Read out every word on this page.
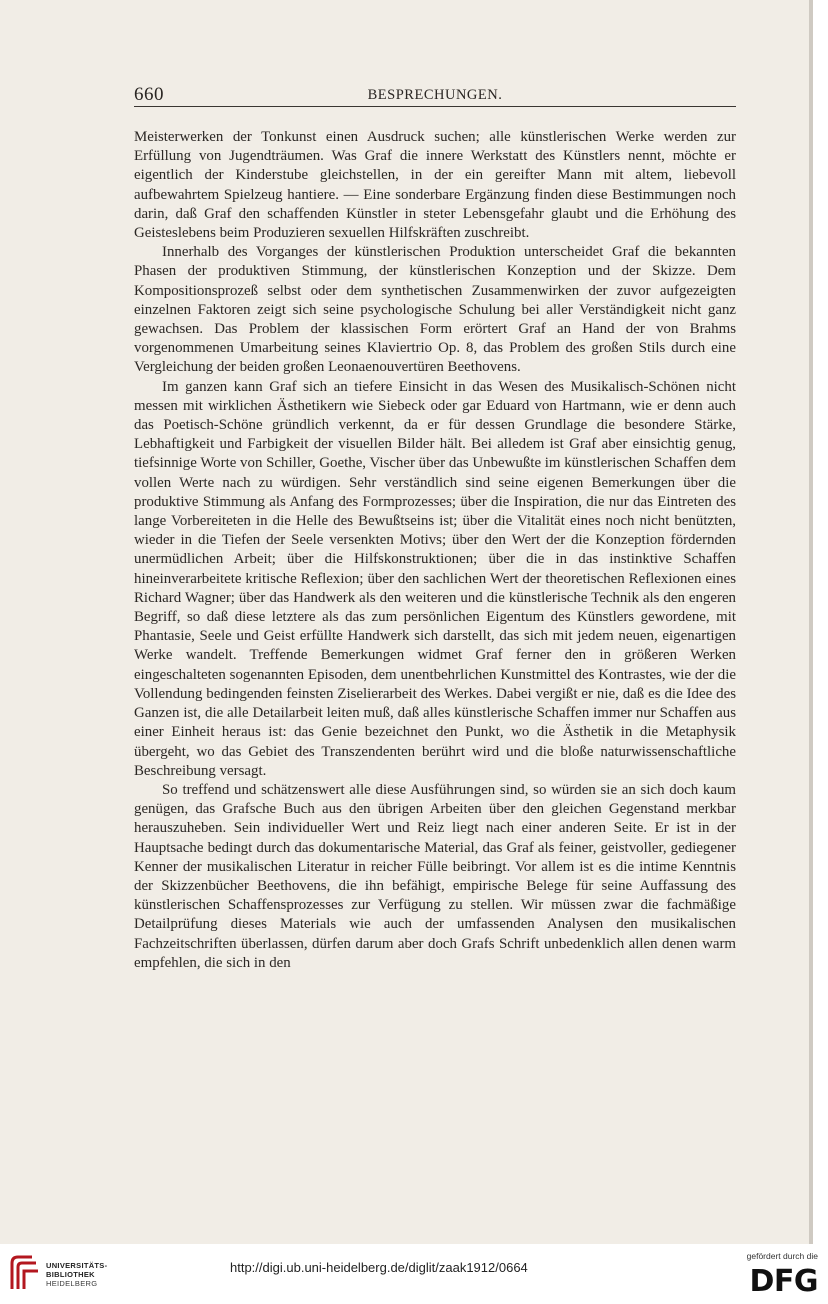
660	BESPRECHUNGEN.

Meisterwerken der Tonkunst einen Ausdruck suchen; alle künstlerischen Werke werden zur Erfüllung von Jugendträumen. Was Graf die innere Werkstatt des Künstlers nennt, möchte er eigentlich der Kinderstube gleichstellen, in der ein gereifter Mann mit altem, liebevoll aufbewahrtem Spielzeug hantiere. — Eine sonderbare Ergänzung finden diese Bestimmungen noch darin, daß Graf den schaffenden Künstler in steter Lebensgefahr glaubt und die Erhöhung des Geisteslebens beim Produzieren sexuellen Hilfskräften zuschreibt.

Innerhalb des Vorganges der künstlerischen Produktion unterscheidet Graf die bekannten Phasen der produktiven Stimmung, der künstlerischen Konzeption und der Skizze. Dem Kompositionsprozeß selbst oder dem synthetischen Zusammenwirken der zuvor aufgezeigten einzelnen Faktoren zeigt sich seine psychologische Schulung bei aller Verständigkeit nicht ganz gewachsen. Das Problem der klassischen Form erörtert Graf an Hand der von Brahms vorgenommenen Umarbeitung seines Klaviertrio Op. 8, das Problem des großen Stils durch eine Vergleichung der beiden großen Leonaenouvertüren Beethovens.

Im ganzen kann Graf sich an tiefere Einsicht in das Wesen des Musikalisch-Schönen nicht messen mit wirklichen Ästhetikern wie Siebeck oder gar Eduard von Hartmann, wie er denn auch das Poetisch-Schöne gründlich verkennt, da er für dessen Grundlage die besondere Stärke, Lebhaftigkeit und Farbigkeit der visuellen Bilder hält. Bei alledem ist Graf aber einsichtig genug, tiefsinnige Worte von Schiller, Goethe, Vischer über das Unbewußte im künstlerischen Schaffen dem vollen Werte nach zu würdigen. Sehr verständlich sind seine eigenen Bemerkungen über die produktive Stimmung als Anfang des Formprozesses; über die Inspiration, die nur das Eintreten des lange Vorbereiteten in die Helle des Bewußtseins ist; über die Vitalität eines noch nicht benützten, wieder in die Tiefen der Seele versenkten Motivs; über den Wert der die Konzeption fördernden unermüdlichen Arbeit; über die Hilfskonstruktionen; über die in das instinktive Schaffen hineinverarbeitete kritische Reflexion; über den sachlichen Wert der theoretischen Reflexionen eines Richard Wagner; über das Handwerk als den weiteren und die künstlerische Technik als den engeren Begriff, so daß diese letztere als das zum persönlichen Eigentum des Künstlers gewordene, mit Phantasie, Seele und Geist erfüllte Handwerk sich darstellt, das sich mit jedem neuen, eigenartigen Werke wandelt. Treffende Bemerkungen widmet Graf ferner den in größeren Werken eingeschalteten sogenannten Episoden, dem unentbehrlichen Kunstmittel des Kontrastes, wie der die Vollendung bedingenden feinsten Ziselierarbeit des Werkes. Dabei vergißt er nie, daß es die Idee des Ganzen ist, die alle Detailarbeit leiten muß, daß alles künstlerische Schaffen immer nur Schaffen aus einer Einheit heraus ist: das Genie bezeichnet den Punkt, wo die Ästhetik in die Metaphysik übergeht, wo das Gebiet des Transzendenten berührt wird und die bloße naturwissenschaftliche Beschreibung versagt.

So treffend und schätzenswert alle diese Ausführungen sind, so würden sie an sich doch kaum genügen, das Grafsche Buch aus den übrigen Arbeiten über den gleichen Gegenstand merkbar herauszuheben. Sein individueller Wert und Reiz liegt nach einer anderen Seite. Er ist in der Hauptsache bedingt durch das dokumentarische Material, das Graf als feiner, geistvoller, gediegener Kenner der musikalischen Literatur in reicher Fülle beibringt. Vor allem ist es die intime Kenntnis der Skizzenbücher Beethovens, die ihn befähigt, empirische Belege für seine Auffassung des künstlerischen Schaffensprozesses zur Verfügung zu stellen. Wir müssen zwar die fachmäßige Detailprüfung dieses Materials wie auch der umfassenden Analysen den musikalischen Fachzeitschriften überlassen, dürfen darum aber doch Grafs Schrift unbedenklich allen denen warm empfehlen, die sich in den

UNIVERSITÄTS-
BIBLIOTHEK
HEIDELBERG
http://digi.ub.uni-heidelberg.de/diglit/zaak1912/0664
gefördert durch die
DFG
